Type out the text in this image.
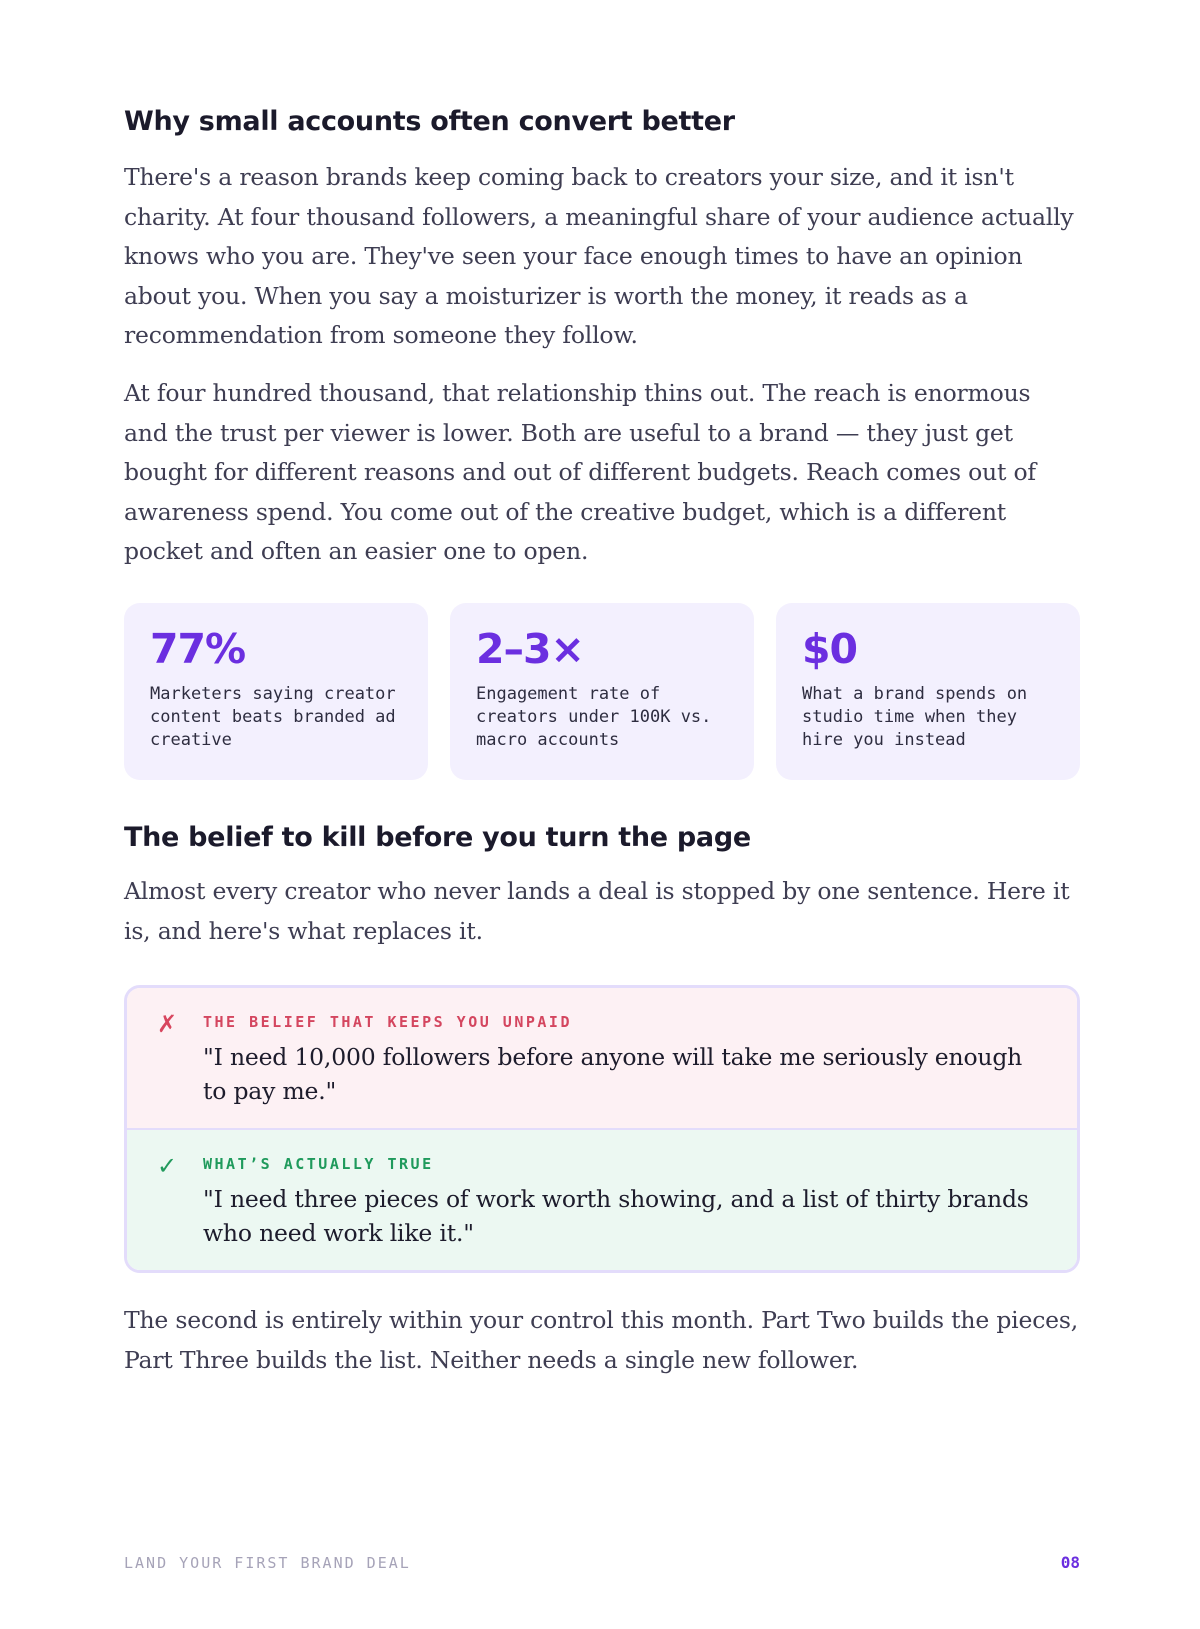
Why small accounts often convert better

There's a reason brands keep coming back to creators your size, and it isn't charity. At four thousand followers, a meaningful share of your audience actually knows who you are. They've seen your face enough times to have an opinion about you. When you say a moisturizer is worth the money, it reads as a recommendation from someone they follow.

At four hundred thousand, that relationship thins out. The reach is enormous and the trust per viewer is lower. Both are useful to a brand — they just get bought for different reasons and out of different budgets. Reach comes out of awareness spend. You come out of the creative budget, which is a different pocket and often an easier one to open.

77%
Marketers saying creator content beats branded ad creative
2–3×
Engagement rate of creators under 100K vs. macro accounts
$0
What a brand spends on studio time when they hire you instead
The belief to kill before you turn the page

Almost every creator who never lands a deal is stopped by one sentence. Here it is, and here's what replaces it.

✗ THE BELIEF THAT KEEPS YOU UNPAID
"I need 10,000 followers before anyone will take me seriously enough to pay me."
✓ WHAT’S ACTUALLY TRUE
"I need three pieces of work worth showing, and a list of thirty brands who need work like it."

The second is entirely within your control this month. Part Two builds the pieces, Part Three builds the list. Neither needs a single new follower.

LAND YOUR FIRST BRAND DEAL	08
